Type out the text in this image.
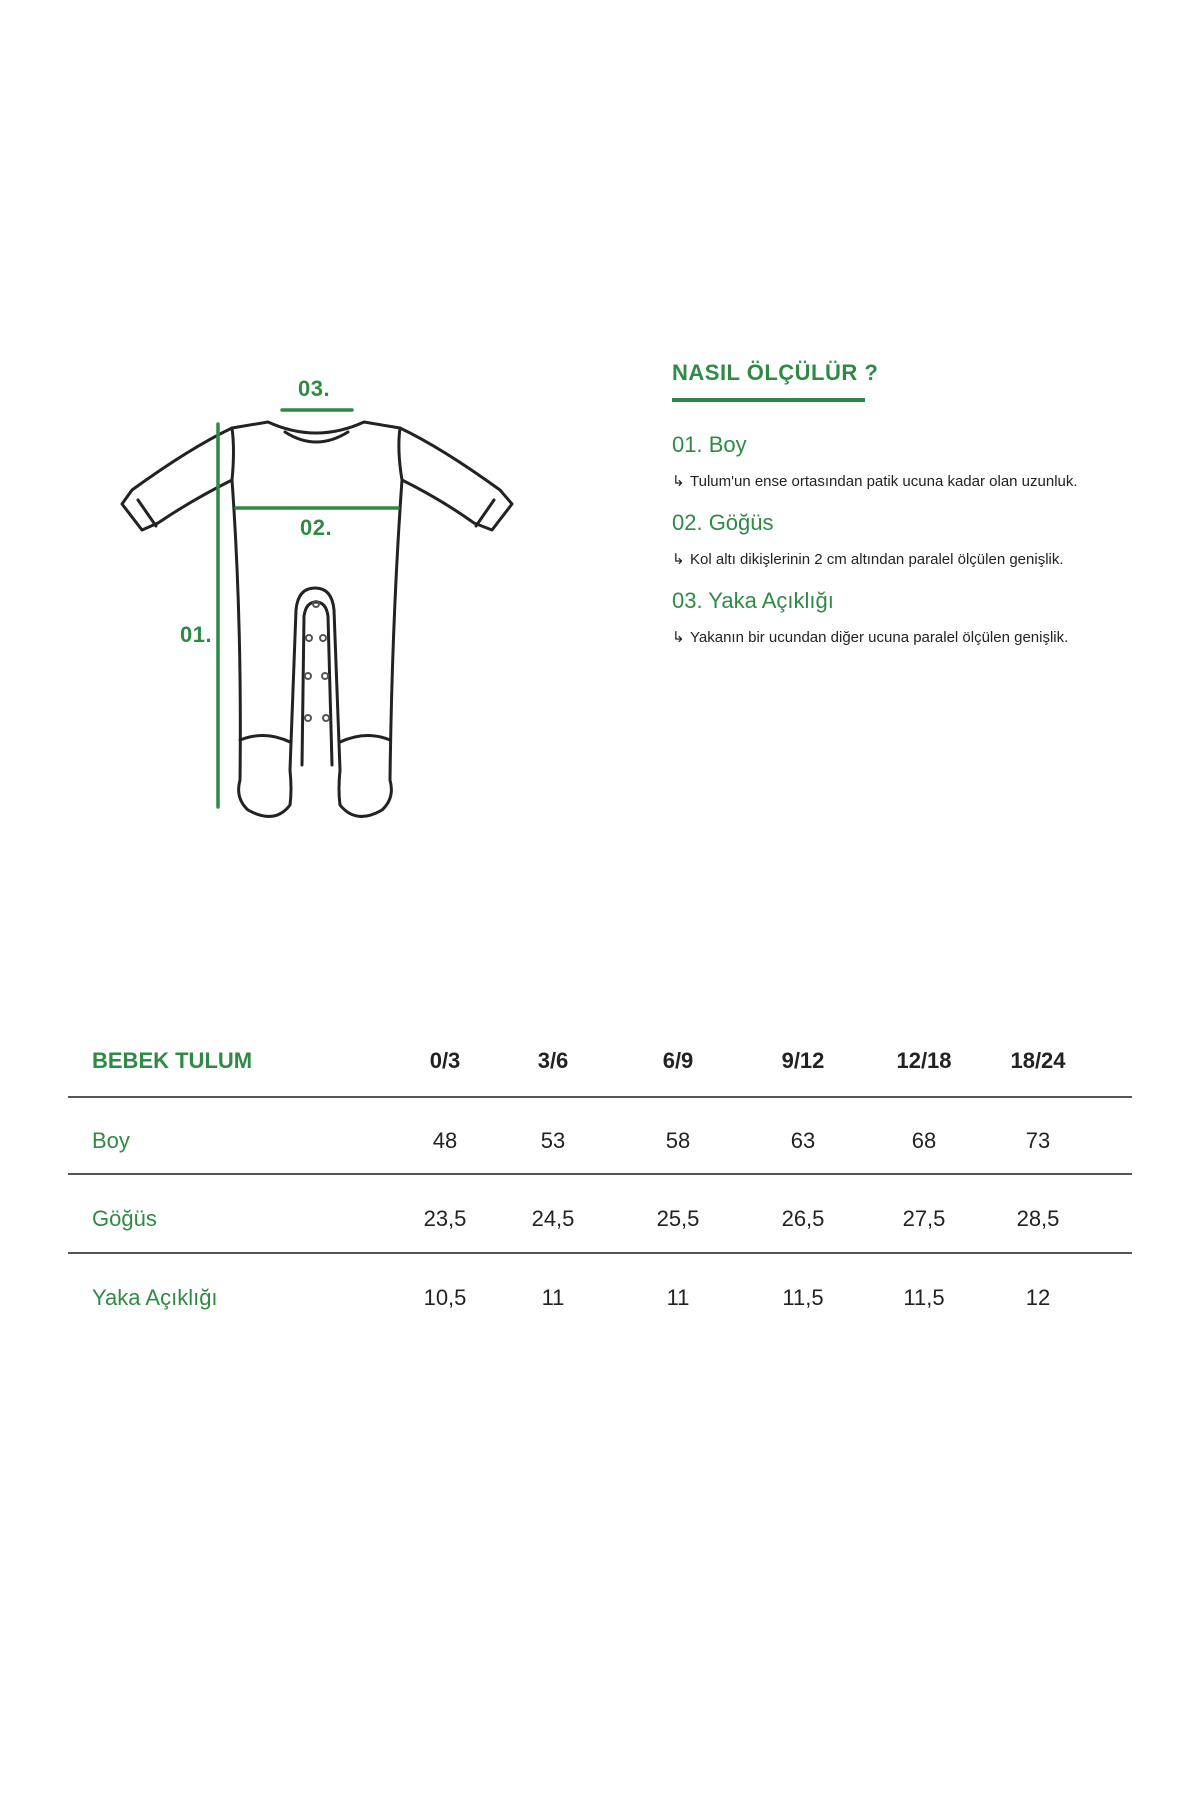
01.
02.
03.
NASIL ÖLÇÜLÜR ?
01. Boy
↳ Tulum'un ense ortasından patik ucuna kadar olan uzunluk.
02. Göğüs
↳ Kol altı dikişlerinin 2 cm altından paralel ölçülen genişlik.
03. Yaka Açıklığı
↳ Yakanın bir ucundan diğer ucuna paralel ölçülen genişlik.
BEBEK TULUM	0/3	3/6	6/9	9/12	12/18	18/24
Boy	48	53	58	63	68	73
Göğüs	23,5	24,5	25,5	26,5	27,5	28,5
Yaka Açıklığı	10,5	11	11	11,5	11,5	12
